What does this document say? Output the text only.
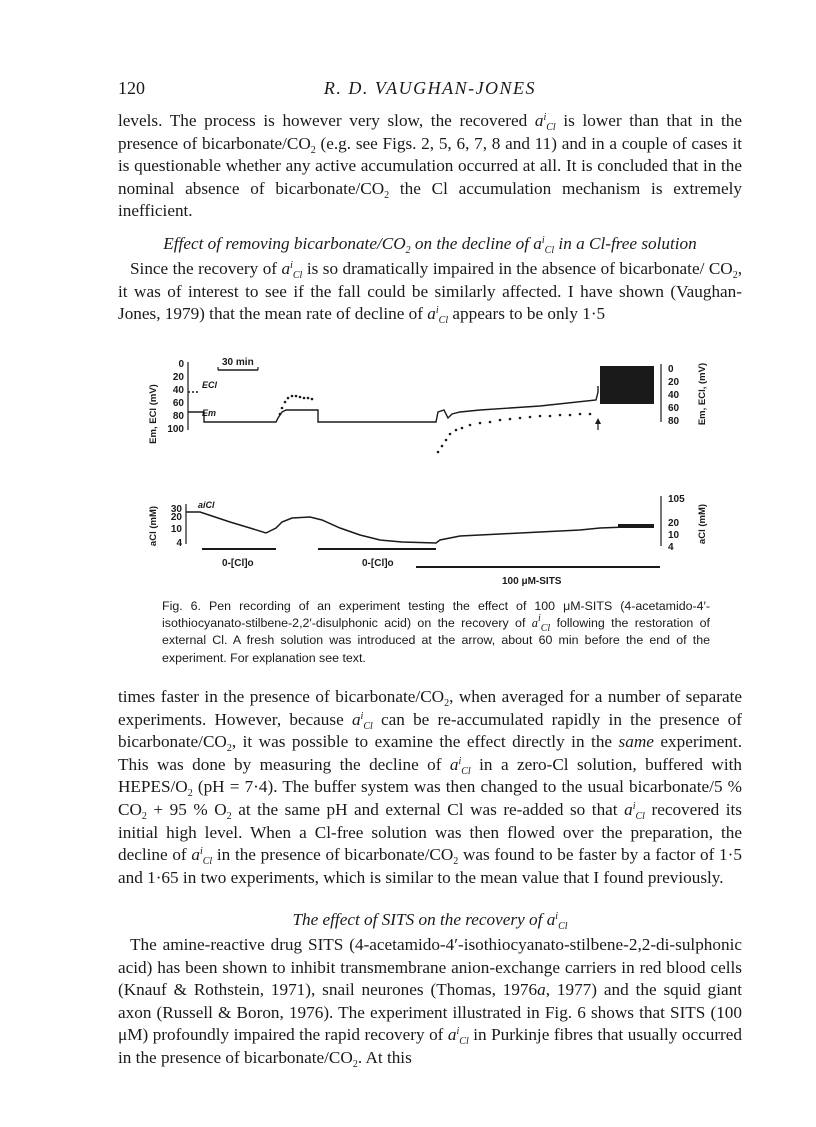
120	R. D. VAUGHAN-JONES

levels. The process is however very slow, the recovered $a^i_{Cl}$ is lower than that in the presence of bicarbonate/$CO_2$ (e.g. see Figs. 2, 5, 6, 7, 8 and 11) and in a couple of cases it is questionable whether any active accumulation occurred at all. It is concluded that in the nominal absence of bicarbonate/$CO_2$ the Cl accumulation mechanism is extremely inefficient.

Effect of removing bicarbonate/$CO_2$ on the decline of $a^i_{Cl}$ in a Cl-free solution

Since the recovery of $a^i_{Cl}$ is so dramatically impaired in the absence of bicarbonate/ $CO_2$, it was of interest to see if the fall could be similarly affected. I have shown (Vaughan-Jones, 1979) that the mean rate of decline of $a^i_{Cl}$ appears to be only 1·5

30 min
Em, ECl (mV)
0
20
40
60
80
100
ECl
Em
0
20
40
60
80 Em, ECl, (mV)
aCl (mM) 30
20
10
4
aiCl	105
20
10
4
aCl (mM)
0-[Cl]o	0-[Cl]o
100 μM-SITS

Fig. 6. Pen recording of an experiment testing the effect of 100 μM-SITS (4-acetamido-4′-isothiocyanato-stilbene-2,2′-disulphonic acid) on the recovery of $a^i_{Cl}$ following the restoration of external Cl. A fresh solution was introduced at the arrow, about 60 min before the end of the experiment. For explanation see text.

times faster in the presence of bicarbonate/$CO_2$, when averaged for a number of separate experiments. However, because $a^i_{Cl}$ can be re-accumulated rapidly in the presence of bicarbonate/$CO_2$, it was possible to examine the effect directly in the same experiment. This was done by measuring the decline of $a^i_{Cl}$ in a zero-Cl solution, buffered with HEPES/$O_2$ (pH = 7·4). The buffer system was then changed to the usual bicarbonate/5 % $CO_2 + 95$ % $O_2$ at the same pH and external Cl was re-added so that $a^i_{Cl}$ recovered its initial high level. When a Cl-free solution was then flowed over the preparation, the decline of $a^i_{Cl}$ in the presence of bicarbonate/$CO_2$ was found to be faster by a factor of 1·5 and 1·65 in two experiments, which is similar to the mean value that I found previously.

The effect of SITS on the recovery of $a^i_{Cl}$

The amine-reactive drug SITS (4-acetamido-4′-isothiocyanato-stilbene-2,2-di-sulphonic acid) has been shown to inhibit transmembrane anion-exchange carriers in red blood cells (Knauf & Rothstein, 1971), snail neurones (Thomas, 1976a, 1977) and the squid giant axon (Russell & Boron, 1976). The experiment illustrated in Fig. 6 shows that SITS (100 μM) profoundly impaired the rapid recovery of $a^i_{Cl}$ in Purkinje fibres that usually occurred in the presence of bicarbonate/$CO_2$. At this
